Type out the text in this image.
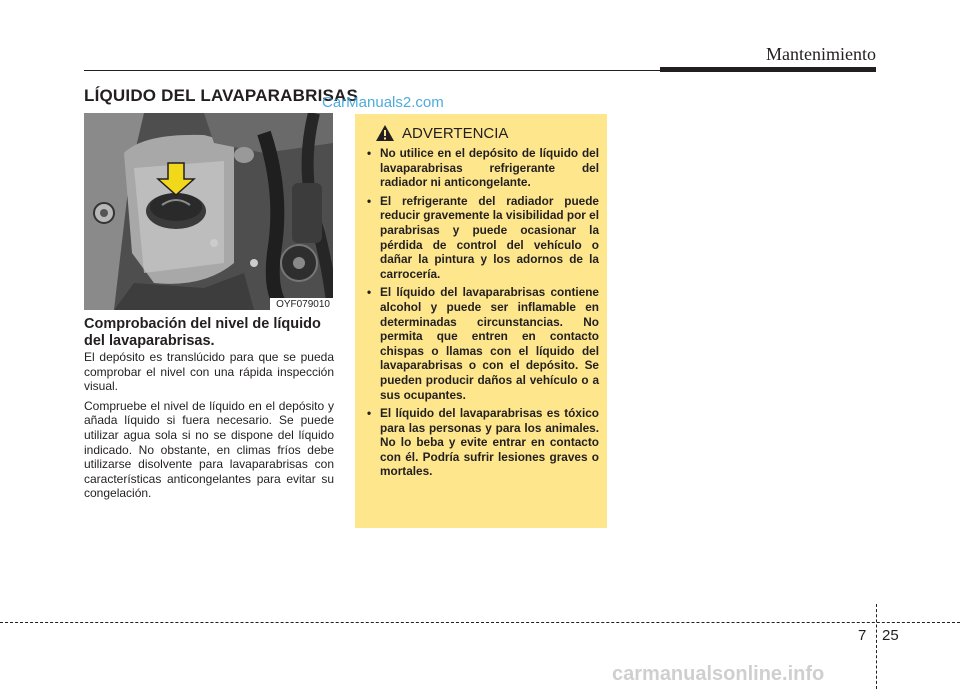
Mantenimiento
LÍQUIDO DEL LAVAPARABRISAS
CarManuals2.com
OYF079010
Comprobación del nivel de líquido del lavaparabrisas.

El depósito es translúcido para que se pueda comprobar el nivel con una rápida inspección visual.

Compruebe el nivel de líquido en el depósito y añada líquido si fuera necesario. Se puede utilizar agua sola si no se dispone del líquido indicado. No obstante, en climas fríos debe utilizarse disolvente para lavaparabrisas con características anticongelantes para evitar su congelación.

ADVERTENCIA
• No utilice en el depósito de líquido del lavaparabrisas refrigerante del radiador ni anticongelante.
• El refrigerante del radiador puede reducir gravemente la visibilidad por el parabrisas y puede ocasionar la pérdida de control del vehículo o dañar la pintura y los adornos de la carrocería.
• El líquido del lavaparabrisas contiene alcohol y puede ser inflamable en determinadas circunstancias. No permita que entren en contacto chispas o llamas con el líquido del lavaparabrisas o con el depósito. Se pueden producir daños al vehículo o a sus ocupantes.
• El líquido del lavaparabrisas es tóxico para las personas y para los animales. No lo beba y evite entrar en contacto con él. Podría sufrir lesiones graves o mortales.
7 25
carmanualsonline.info
